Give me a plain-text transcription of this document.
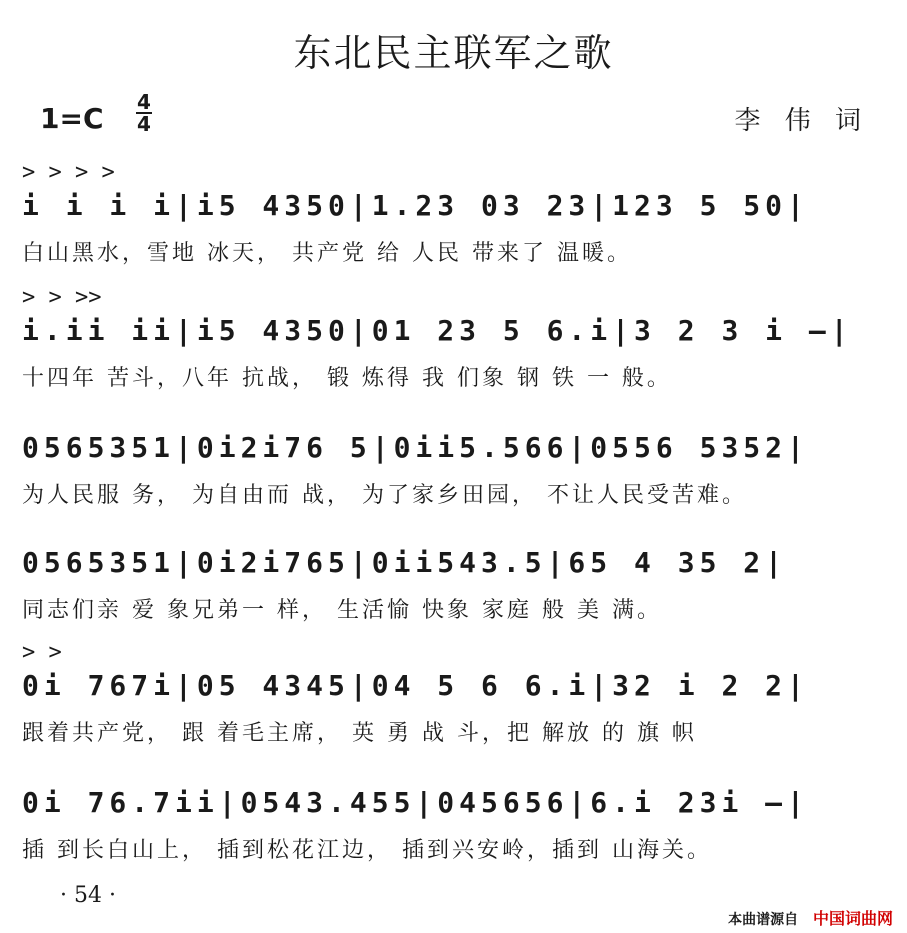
东北民主联军之歌
1=C 4
4	李 伟 词
> > > >
i i i i|i5 4350|1.23 03 23|123 5 50|
白山黑水，雪地 冰天， 共产党 给 人民 带来了 温暖。
> > >>
i.ii ii|i5 4350|01 23 5 6.i|3 2 3 i —|
十四年 苦斗，八年 抗战， 锻 炼得 我 们象 钢 铁 一 般。
0565351|0i2i76 5|0ii5.566|0556 5352|
为人民服 务， 为自由而 战， 为了家乡田园， 不让人民受苦难。
0565351|0i2i765|0ii543.5|65 4 35 2|
同志们亲 爱 象兄弟一 样， 生活愉 快象 家庭 般 美 满。
> >
0i 767i|05 4345|04 5 6 6.i|32 i 2 2|
跟着共产党， 跟 着毛主席， 英 勇 战 斗，把 解放 的 旗 帜
0i 76.7ii|0543.455|045656|6.i 23i —|
插 到长白山上， 插到松花江边， 插到兴安岭，插到 山海关。
· 54 ·
本曲谱源自 中国词曲网
